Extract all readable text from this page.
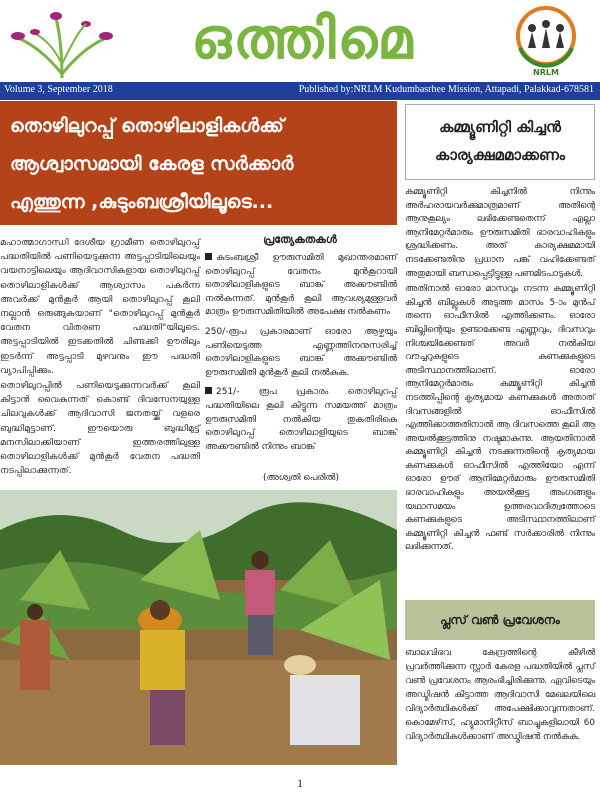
ഒത്തിമെ
NRLM
Volume 3, September 2018	Published by:NRLM Kudumbasrhee Mission, Attapadi, Palakkad-678581
തൊഴിലുറപ്പ് തൊഴിലാളികൾക്ക്
ആശ്വാസമായി കേരള സർക്കാർ
എത്തുന്ന ,കുടുംബശ്രീയിലൂടെ...

മഹാത്മാഗാന്ധി ദേശീയ ഗ്രാമീണ തൊഴിലുറപ്പ് പദ്ധതിയിൽ പണിയെടുക്കുന്ന അട്ടപ്പാടിയിലെയും വയനാട്ടിലെയും ആദിവാസികളായ തൊഴിലുറപ്പ് തൊഴിലാളികൾക്ക് ആശ്വാസം പകർന്ന അവർക്ക് മുൻകൂർ ആയി തൊഴിലുറപ്പ് കൂലി നല്ലാൻ ഒരുങ്ങുകയാണ് "തൊഴിലുറപ്പ് മുൻകൂർ വേതന വിതരണ പദ്ധതി"യിലൂടെ. അട്ടപ്പാടിയിൽ ഇടക്കതിൽ ചിണ്ടക്കി ഊരിലും ഇടർന്ന് അട്ടപ്പാടി മുഴവനും ഈ പദ്ധതി വ്യാപിപ്പിക്കും.

തൊഴിലുറപ്പിൽ പണിയെടുക്കുന്നവർക്ക് കൂലി കിട്ടാൻ വൈകുന്നത് കൊണ്ട് ദിവസേനയുള്ള ചിലവുകൾക്ക് ആദിവാസി ജനതയ്ക്ക് വളരെ ബുദ്ധിമുട്ടാണ്. ഈയൊരു ബുദ്ധിമുട്ട് മനസിലാക്കിയാണ് ഇത്തരത്തിലുള്ള തൊഴിലാളികൾക്ക് മുൻകൂർ വേതന പദ്ധതി നടപ്പിലാക്കുന്നത്.

പ്രത്യേകതകൾ

കുടംബശ്രീ ഊരുസമിതി മുഖാന്തരമാണ് തൊഴിലുറപ്പ് വേതനം മുൻകൂറായി തൊഴിലാളികളുടെ ബാങ്ക് അക്കൗണ്ടിൽ നൽകുന്നത്. മുൻകൂർ കൂലി ആവശ്യമുള്ളവർ മാത്രം ഊരുസമിതിയിൽ അപേക്ഷ നൽകണം

250/-രൂപ പ്രകാരമാണ് ഓരോ ആഴ്ചയും പണിയെടുത്ത എണ്ണത്തിനനുസരിച്ച് തൊഴിലാളികളുടെ ബാങ്ക് അക്കൗണ്ടിൽ ഊരുസമിതി മുൻകൂർ കൂലി നൽകുക.

251/- രൂപ പ്രകാരം തൊഴിലുറപ്പ് പദ്ധതിയിലെ കൂലി കിട്ടുന്ന സമയത്ത് മാത്രം ഊരുസമിതി നൽകിയ തുകതിരികെ തൊഴിലുറപ്പ് തൊഴിലാളിയുടെ ബാങ്ക് അക്കൗണ്ടിൽ നിന്നും ബാങ്ക്

(അശ്വതി പെരിൽ)
കമ്മ്യൂണിറ്റി കിച്ചൻ
കാര്യക്ഷമമാക്കണം

കമ്മ്യൂണിറ്റി കിച്ചനിൽ നിന്നും അർഹരായവർക്കുമാത്രമാണ് അതിന്റെ ആനുകൂല്യം ലഭിക്കേണ്ടതെന്ന് എല്ലാ ആനിമേറ്റർമാരും ഊരുസമിതി ഭാരവാഹികളും ശ്രദ്ധിക്കണം. അത് കാര്യക്ഷമമായി നടക്കേണ്ടതിനു പ്രധാന പങ്ക് വഹിക്കേണ്ടത് അതുമായി ബന്ധപ്പെട്ടിട്ടുള്ള പണമിടപാടുകൾ.

അതിനാൽ ഓരോ മാസവും നടന്ന കമ്മ്യൂണിറ്റി കിച്ചൻ ബില്ലുകൾ അടുത്ത മാസം 5-ാം മുൻപ് തന്നെ ഓഫീസിൽ എത്തിക്കണം. ഓരോ ബില്ലിന്റെയും ഉണ്ടാക്കേണ്ട എണ്ണവും, ദിവസവും നിശ്ചയിക്കേണ്ടത് അവർ നൽകിയ വൗച്ചറുകളുടെ കണക്കുകളുടെ അടിസ്ഥാനത്തിലാണ്. ഓരോ ആനിമേറ്റർമാരും കമ്മ്യൂണിറ്റി കിച്ചൻ നടത്തിപ്പിന്റെ കൃത്യമായ കണക്കുകൾ അതാത് ദിവസങ്ങളിൽ ഓഫീസിൽ എത്തിക്കാത്തതിനാൽ ആ ദിവസത്തെ കൂലി ആ അയൽക്കൂട്ടത്തിനു നഷ്ടമാകുന്നു. ആയതിനാൽ കമ്മ്യൂണിറ്റി കിച്ചൻ നടക്കുന്നതിന്റെ കൃത്യമായ കണക്കുകൾ ഓഫീസിൽ എത്തിയോ എന്ന് ഓരോ ഊര് ആനിമേറ്റർമാരും ഊരുസമിതി ഭാരവാഹികളും അയൽക്കൂട്ട അംഗങ്ങളും യഥാസമയം ഉത്തരവാദിത്വത്തോടെ കണക്കുകളുടെ അടിസ്ഥാനത്തിലാണ് കമ്മ്യൂണിറ്റി കിച്ചൻ ഫണ്ട് സർക്കാരിൽ നിന്നും ലഭിക്കുന്നത്.

പ്ലസ് വൺ പ്രവേശനം
ബാലവിഭവ കേന്ദ്രത്തിന്റെ കീഴിൽ പ്രവർത്തിക്കുന്ന സ്റ്റാർ കേരള പദ്ധതിയിൽ പ്ലസ് വൺ പ്രവേശനം ആരംഭിച്ചിരിക്കുന്നു. ഏവിടെയും അഡ്മിഷൻ കിട്ടാത്ത ആദിവാസി മേഖലയിലെ വിദ്യാർത്ഥികൾക്ക് അപേക്ഷിക്കാവുന്നതാണ്. കൊമേഴ്‌സ്, ഹ്യുമാനിറ്റീസ് ബാച്ചുകളിലായി 60 വിദ്യാർത്ഥികൾക്കാണ് അഡ്മിഷൻ നൽകുക.
1
